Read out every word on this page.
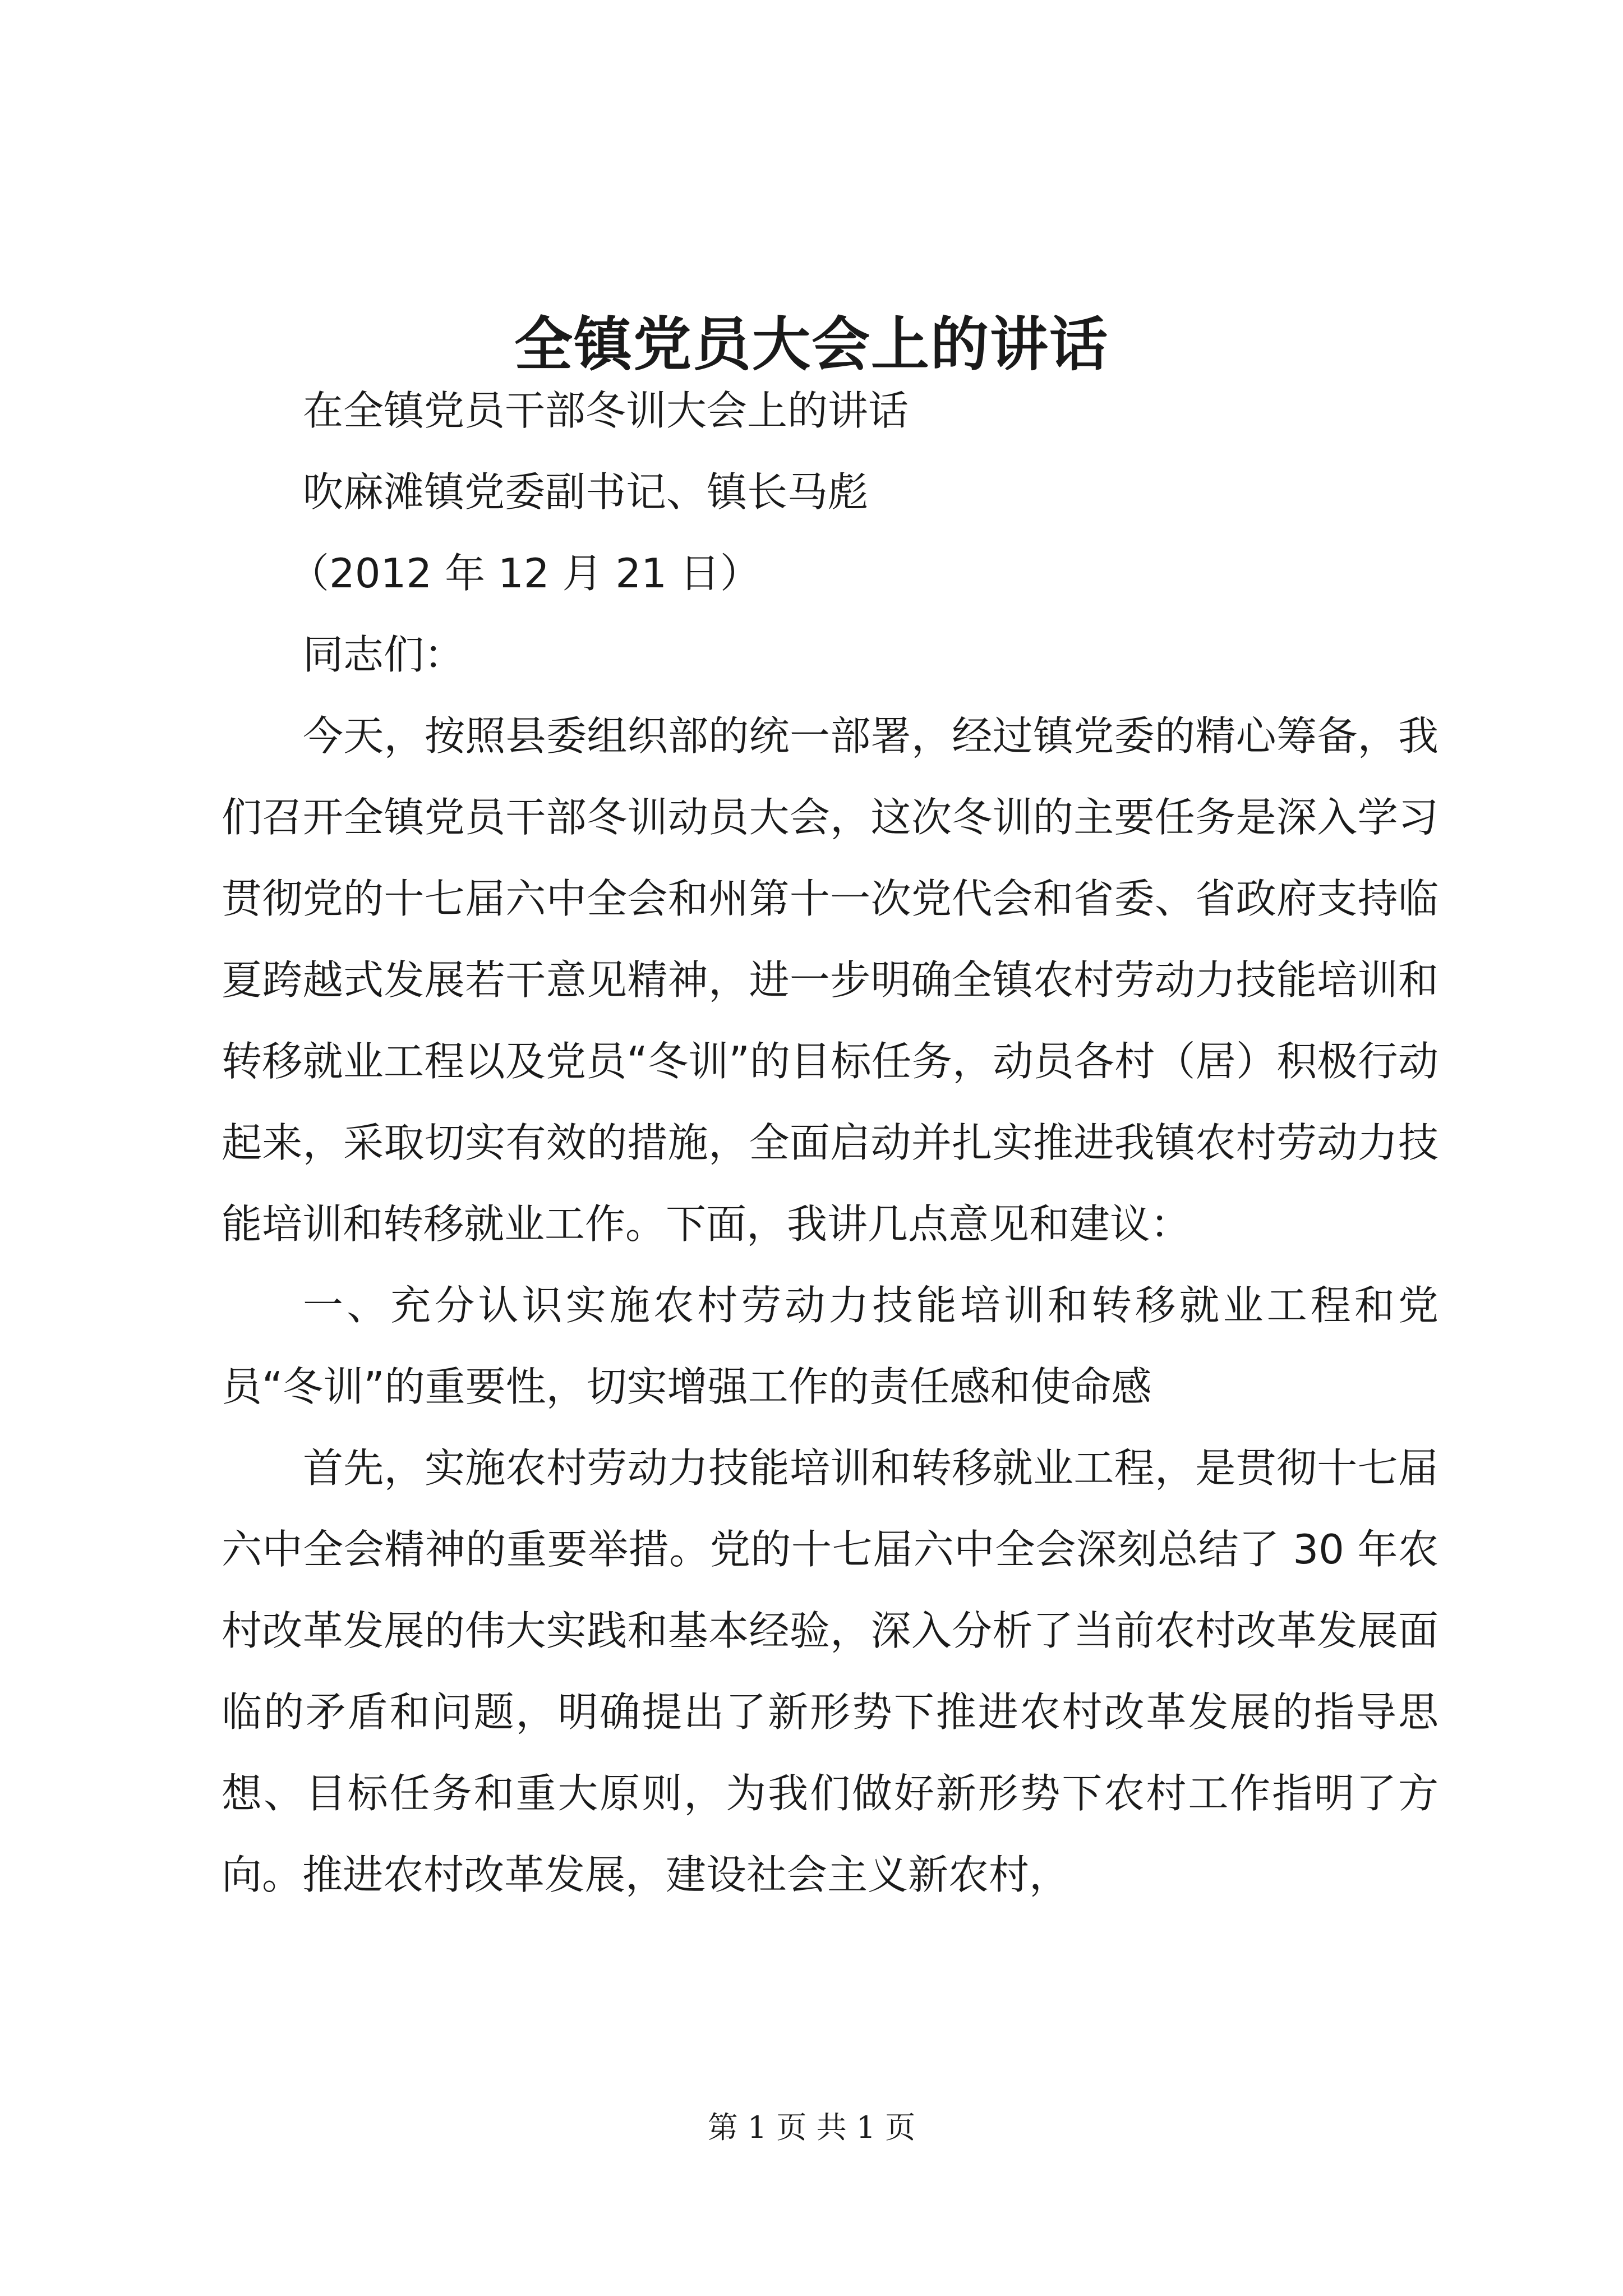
全镇党员大会上的讲话
在全镇党员干部冬训大会上的讲话
吹麻滩镇党委副书记、镇长马彪
（2012 年 12 月 21 日）
同志们：

今天，按照县委组织部的统一部署，经过镇党委的精心筹备，我们召开全镇党员干部冬训动员大会，这次冬训的主要任务是深入学习贯彻党的十七届六中全会和州第十一次党代会和省委、省政府支持临夏跨越式发展若干意见精神，进一步明确全镇农村劳动力技能培训和转移就业工程以及党员“冬训”的目标任务，动员各村（居）积极行动起来，采取切实有效的措施，全面启动并扎实推进我镇农村劳动力技能培训和转移就业工作。下面，我讲几点意见和建议：

一、充分认识实施农村劳动力技能培训和转移就业工程和党员“冬训”的重要性，切实增强工作的责任感和使命感

首先，实施农村劳动力技能培训和转移就业工程，是贯彻十七届六中全会精神的重要举措。党的十七届六中全会深刻总结了 30 年农村改革发展的伟大实践和基本经验，深入分析了当前农村改革发展面临的矛盾和问题，明确提出了新形势下推进农村改革发展的指导思想、目标任务和重大原则，为我们做好新形势下农村工作指明了方向。推进农村改革发展，建设社会主义新农村，

第 1 页 共 1 页
